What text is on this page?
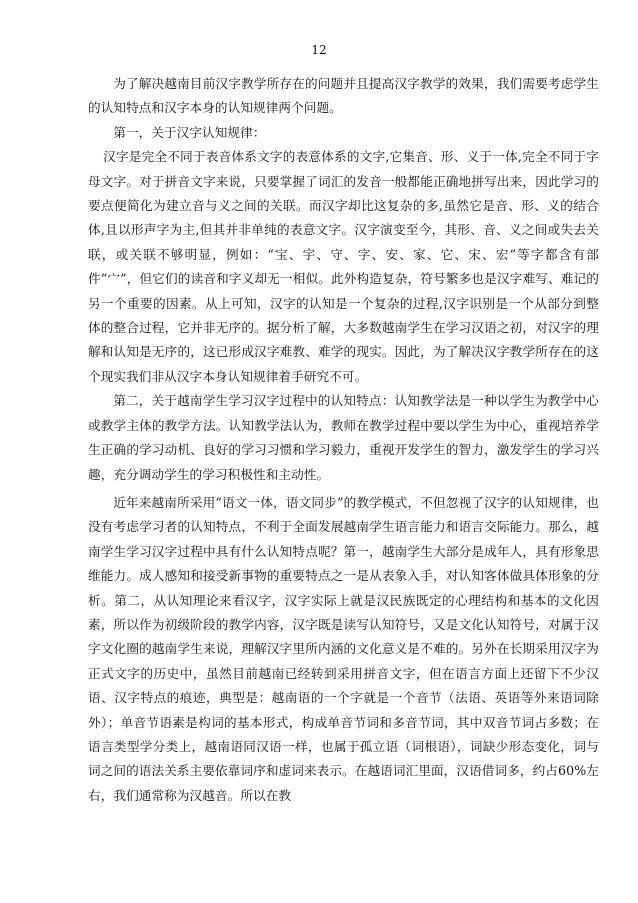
12

为了解决越南目前汉字教学所存在的问题并且提高汉字教学的效果，我们需要考虑学生的认知特点和汉字本身的认知规律两个问题。

第一，关于汉字认知规律：

汉字是完全不同于表音体系文字的表意体系的文字,它集音、形、义于一体,完全不同于字母文字。对于拼音文字来说，只要掌握了词汇的发音一般都能正确地拼写出来，因此学习的要点便简化为建立音与义之间的关联。而汉字却比这复杂的多,虽然它是音、形、义的结合体,且以形声字为主,但其并非单纯的表意文字。汉字演变至今，其形、音、义之间或失去关联，或关联不够明显，例如：“宝、宇、守、字、安、家、它、宋、宏”等字都含有部件“宀”，但它们的读音和字义却无一相似。此外构造复杂，符号繁多也是汉字难写、难记的另一个重要的因素。从上可知，汉字的认知是一个复杂的过程,汉字识别是一个从部分到整体的整合过程，它并非无序的。据分析了解，大多数越南学生在学习汉语之初，对汉字的理解和认知是无序的，这已形成汉字难教、难学的现实。因此，为了解决汉字教学所存在的这个现实我们非从汉字本身认知规律着手研究不可。

第二，关于越南学生学习汉字过程中的认知特点：认知教学法是一种以学生为教学中心或教学主体的教学方法。认知教学法认为，教师在教学过程中要以学生为中心，重视培养学生正确的学习动机、良好的学习习惯和学习毅力，重视开发学生的智力，激发学生的学习兴趣，充分调动学生的学习积极性和主动性。

近年来越南所采用“语文一体，语文同步”的教学模式，不但忽视了汉字的认知规律，也没有考虑学习者的认知特点，不利于全面发展越南学生语言能力和语言交际能力。那么，越南学生学习汉字过程中具有什么认知特点呢？第一，越南学生大部分是成年人，具有形象思维能力。成人感知和接受新事物的重要特点之一是从表象入手，对认知客体做具体形象的分析。第二，从认知理论来看汉字，汉字实际上就是汉民族既定的心理结构和基本的文化因素，所以作为初级阶段的教学内容，汉字既是读写认知符号，又是文化认知符号，对属于汉字文化圈的越南学生来说，理解汉字里所内涵的文化意义是不难的。另外在长期采用汉字为正式文字的历史中，虽然目前越南已经转到采用拼音文字，但在语言方面上还留下不少汉语、汉字特点的痕迹，典型是：越南语的一个字就是一个音节（法语、英语等外来语词除外）；单音节语素是构词的基本形式，构成单音节词和多音节词，其中双音节词占多数；在语言类型学分类上，越南语同汉语一样，也属于孤立语（词根语），词缺少形态变化，词与词之间的语法关系主要依靠词序和虚词来表示。在越语词汇里面，汉语借词多，约占60%左右，我们通常称为汉越音。所以在教
